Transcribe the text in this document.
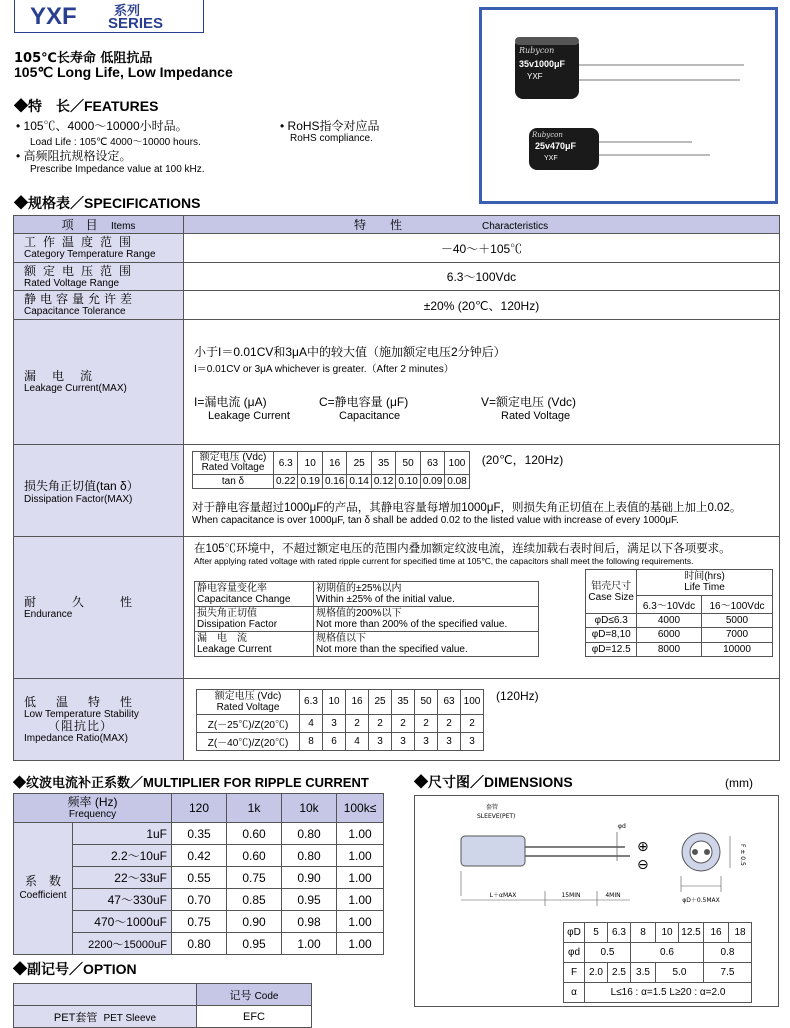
YXF	系列
SERIES
105℃长寿命 低阻抗品
105℃ Long Life, Low Impedance
◆特　长／FEATURES
• 105℃、4000～10000小时品。
Load Life : 105℃ 4000～10000 hours.
• 高频阻抗规格设定。
Prescribe Impedance value at 100 kHz.
• RoHS指令对应品
RoHS compliance.
Rubycon
35v1000μF
YXF
Rubycon
25v470μF
YXF
◆规格表／SPECIFICATIONS
项　目 Items	特　　性	Characteristics

工作温度范围
Category Temperature Range	－40～＋105℃

额定电压范围
Rated Voltage Range	6.3～100Vdc

静电容量允许差
Capacitance Tolerance	±20% (20℃、120Hz)

漏　电　流
Leakage Current(MAX)

小于I＝0.01CV和3μA中的较大值（施加额定电压2分钟后）
I＝0.01CV or 3μA whichever is greater.（After 2 minutes）
I=漏电流 (μA)
Leakage Current
C=静电容量 (μF)
Capacitance
V=额定电压 (Vdc)
Rated Voltage

损失角正切值(tan δ）
Dissipation Factor(MAX)

额定电压 (Vdc)
Rated Voltage	6.3	10	16	25	35	50	63	100
tan δ	0.22	0.19	0.16	0.14	0.12	0.10	0.09	0.08
(20℃，120Hz)
对于静电容量超过1000μF的产品，其静电容量每增加1000μF，则损失角正切值在上表值的基础上加上0.02。
When capacitance is over 1000μF, tan δ shall be added 0.02 to the listed value with increase of every 1000μF.

耐　　久　　性
Endurance

在105℃环境中，不超过额定电压的范围内叠加额定纹波电流，连续加载右表时间后，满足以下各项要求。
After applying rated voltage with rated ripple current for specified time at 105℃, the capacitors shall meet the following requirements.
静电容量变化率
Capacitance Change	初期值的±25%以内
Within ±25% of the initial value.
损失角正切值
Dissipation Factor	规格值的200%以下
Not more than 200% of the specified value.
漏　电　流
Leakage Current	规格值以下
Not more than the specified value.
铝壳尺寸
Case Size	时间(hrs)
Life Time
6.3～10Vdc	16～100Vdc
φD≤6.3	4000	5000
φD=8,10	6000	7000
φD=12.5	8000	10000

低　温　特　性
Low Temperature Stability
（阻抗比）
Impedance Ratio(MAX)

额定电压 (Vdc)
Rated Voltage	6.3	10	16	25	35	50	63	100
Z(－25℃)/Z(20℃)	4	3	2	2	2	2	2	2
Z(－40℃)/Z(20℃)	8	6	4	3	3	3	3	3
(120Hz)
◆纹波电流补正系数／MULTIPLIER FOR RIPPLE CURRENT
频率 (Hz)
Frequency		120	1k	10k	100k≤
系　数
Coefficient	1uF	0.35	0.60	0.80	1.00
	2.2～10uF	0.42	0.60	0.80	1.00
	22～33uF	0.55	0.75	0.90	1.00
	47～330uF	0.70	0.85	0.95	1.00
	470～1000uF	0.75	0.90	0.98	1.00
	2200～15000uF	0.80	0.95	1.00	1.00
◆副记号／OPTION
	记号 Code
PET套管 PET Sleeve	EFC
◆尺寸图／DIMENSIONS	(mm)
套管
SLEEVE(PET)
φd
⊕
⊖
L＋αMAX	15MIN	4MIN
φD＋0.5MAX
F ± 0.5
φD	5	6.3	8	10	12.5	16	18
φd	0.5		0.6			0.8	
F	2.0	2.5	3.5	5.0		7.5	
α	L≤16 : α=1.5 L≥20 : α=2.0						
